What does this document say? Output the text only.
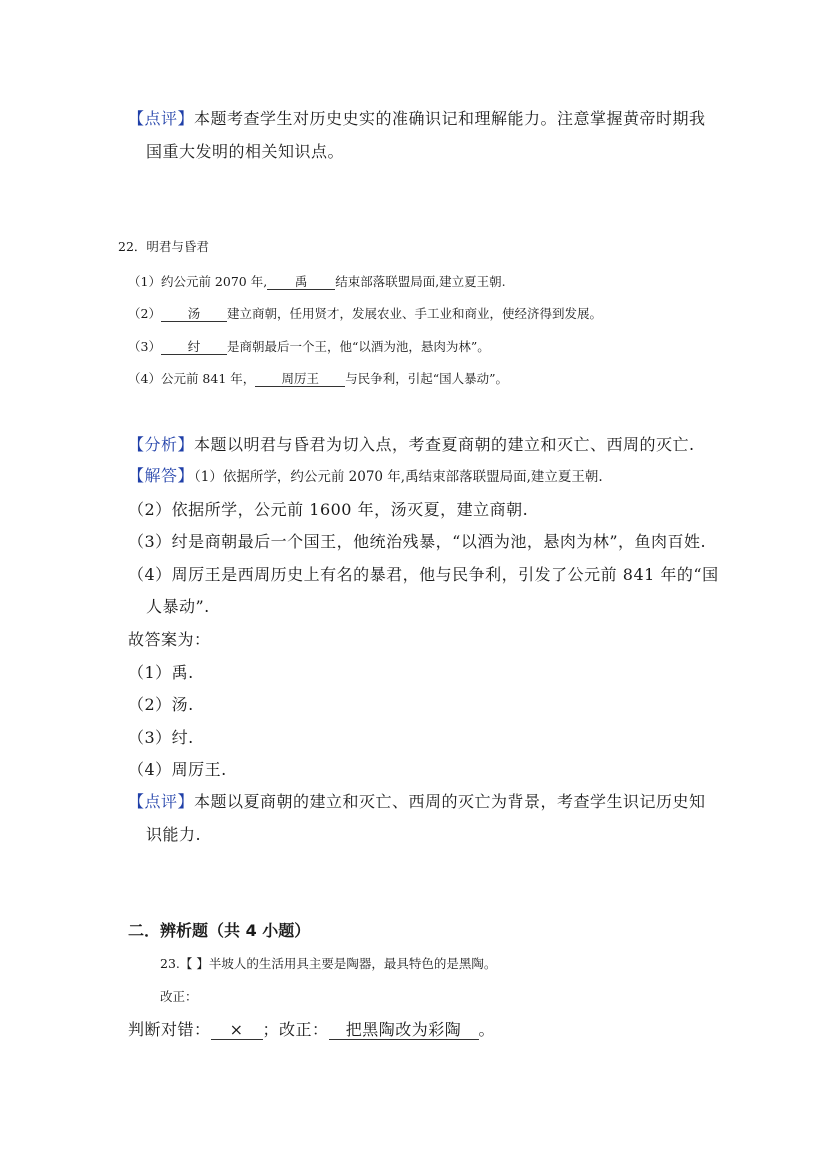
【点评】本题考查学生对历史史实的准确识记和理解能力。注意掌握黄帝时期我
国重大发明的相关知识点。
22．明君与昏君
（1）约公元前 2070 年, 禹 结束部落联盟局面,建立夏王朝.
（2） 汤 建立商朝，任用贤才，发展农业、手工业和商业，使经济得到发展。
（3） 纣 是商朝最后一个王，他“以酒为池，悬肉为林”。
（4）公元前 841 年， 周厉王 与民争利，引起“国人暴动”。
【分析】本题以明君与昏君为切入点，考查夏商朝的建立和灭亡、西周的灭亡.
【解答】（1）依据所学，约公元前 2070 年,禹结束部落联盟局面,建立夏王朝.
（2）依据所学，公元前 1600 年，汤灭夏，建立商朝.
（3）纣是商朝最后一个国王，他统治残暴，“以酒为池，悬肉为林”，鱼肉百姓.
（4）周厉王是西周历史上有名的暴君，他与民争利，引发了公元前 841 年的“国
人暴动”.
故答案为：
（1）禹.
（2）汤.
（3）纣.
（4）周厉王.
【点评】本题以夏商朝的建立和灭亡、西周的灭亡为背景，考查学生识记历史知
识能力.
二．辨析题（共 4 小题）
23.【 】半坡人的生活用具主要是陶器，最具特色的是黑陶。
改正：
判断对错： × ；改正： 把黑陶改为彩陶 。
